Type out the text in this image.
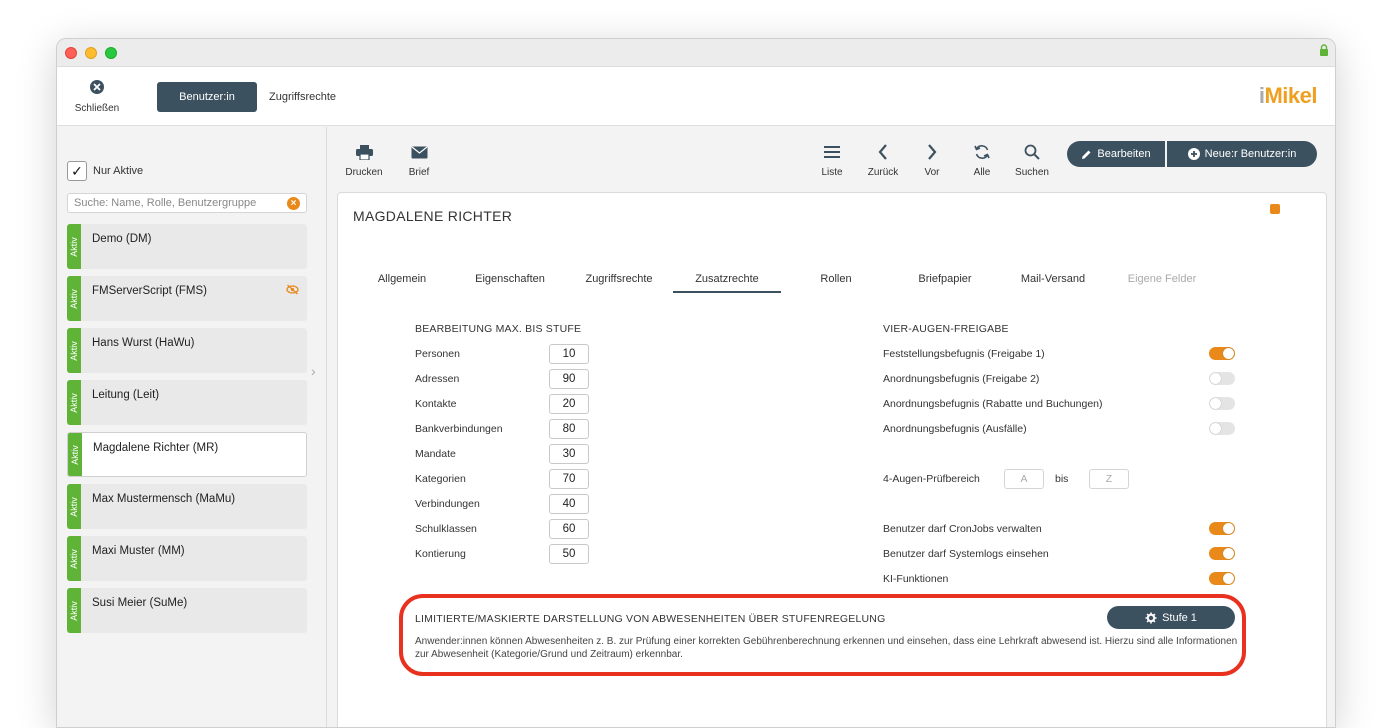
Schließen
Benutzer:in	Zugriffsrechte	iMikel
✓ Nur Aktive
Suche: Name, Rolle, Benutzergruppe	×
Aktiv Demo (DM)
Aktiv FMServerScript (FMS)
Aktiv Hans Wurst (HaWu)
Aktiv Leitung (Leit)
Aktiv Magdalene Richter (MR)
Aktiv Max Mustermensch (MaMu)
Aktiv Maxi Muster (MM)
Aktiv Susi Meier (SuMe)
›
Drucken	Brief	Liste	Zurück	Vor	Alle	Suchen
Bearbeiten	Neue:r Benutzer:in
MAGDALENE RICHTER
Allgemein	Eigenschaften	Zugriffsrechte	Zusatzrechte	Rollen	Briefpapier	Mail-Versand	Eigene Felder
BEARBEITUNG MAX. BIS STUFE
Personen	10
Adressen	90
Kontakte	20
Bankverbindungen	80
Mandate	30
Kategorien	70
Verbindungen	40
Schulklassen	60
Kontierung	50
VIER-AUGEN-FREIGABE
Feststellungsbefugnis (Freigabe 1)
Anordnungsbefugnis (Freigabe 2)
Anordnungsbefugnis (Rabatte und Buchungen)
Anordnungsbefugnis (Ausfälle)
4-Augen-Prüfbereich	A	bis	Z
Benutzer darf CronJobs verwalten
Benutzer darf Systemlogs einsehen
KI-Funktionen
LIMITIERTE/MASKIERTE DARSTELLUNG VON ABWESENHEITEN ÜBER STUFENREGELUNG	Stufe 1
Anwender:innen können Abwesenheiten z. B. zur Prüfung einer korrekten Gebührenberechnung erkennen und einsehen, dass eine Lehrkraft abwesend ist. Hierzu sind alle Informationen zur Abwesenheit (Kategorie/Grund und Zeitraum) erkennbar.
